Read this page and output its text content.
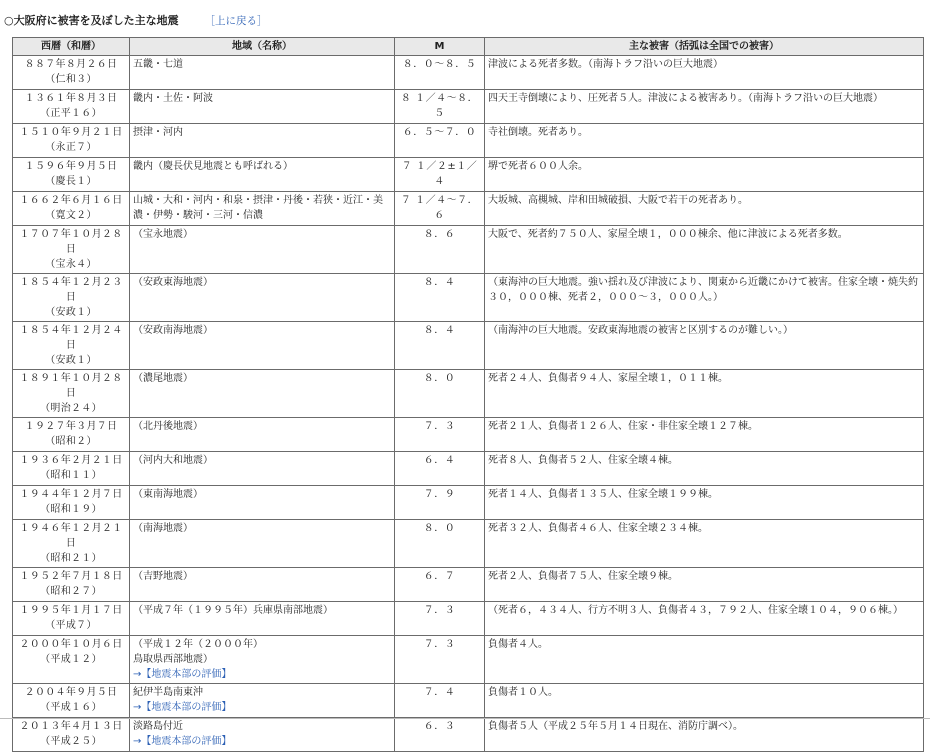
○大阪府に被害を及ぼした主な地震 ［上に戻る］
西暦（和暦）	地域（名称）	M	主な被害（括弧は全国での被害）

８８７年８月２６日
（仁和３）	五畿・七道	８．０～８．５	津波による死者多数。（南海トラフ沿いの巨大地震）

１３６１年８月３日
（正平１６）	畿内・土佐・阿波	８ １／４～８．５	四天王寺倒壊により、圧死者５人。津波による被害あり。（南海トラフ沿いの巨大地震）

１５１０年９月２１日
（永正７）	摂津・河内	６．５～７．０	寺社倒壊。死者あり。

１５９６年９月５日
（慶長１）	畿内（慶長伏見地震とも呼ばれる）	７ １／２±１／４	堺で死者６００人余。

１６６２年６月１６日
（寛文２）	山城・大和・河内・和泉・摂津・丹後・若狭・近江・美濃・伊勢・駿河・三河・信濃	７ １／４～７．６	大坂城、高槻城、岸和田城破損、大阪で若干の死者あり。

１７０７年１０月２８日
（宝永４）	（宝永地震）	８．６	大阪で、死者約７５０人、家屋全壊１，０００棟余、他に津波による死者多数。

１８５４年１２月２３日
（安政１）	（安政東海地震）	８．４	（東海沖の巨大地震。強い揺れ及び津波により、関東から近畿にかけて被害。住家全壊・焼失約３０，０００棟、死者２，０００～３，０００人。）

１８５４年１２月２４日
（安政１）	（安政南海地震）	８．４	（南海沖の巨大地震。安政東海地震の被害と区別するのが難しい。）

１８９１年１０月２８日
（明治２４）	（濃尾地震）	８．０	死者２４人、負傷者９４人、家屋全壊１，０１１棟。

１９２７年３月７日
（昭和２）	（北丹後地震）	７．３	死者２１人、負傷者１２６人、住家・非住家全壊１２７棟。

１９３６年２月２１日
（昭和１１）	（河内大和地震）	６．４	死者８人、負傷者５２人、住家全壊４棟。

１９４４年１２月７日
（昭和１９）	（東南海地震）	７．９	死者１４人、負傷者１３５人、住家全壊１９９棟。

１９４６年１２月２１日
（昭和２１）	（南海地震）	８．０	死者３２人、負傷者４６人、住家全壊２３４棟。

１９５２年７月１８日
（昭和２７）	（吉野地震）	６．７	死者２人、負傷者７５人、住家全壊９棟。

１９９５年１月１７日
（平成７）	（平成７年（１９９５年）兵庫県南部地震）	７．３	（死者６，４３４人、行方不明３人、負傷者４３，７９２人、住家全壊１０４，９０６棟。）

２０００年１０月６日
（平成１２）	（平成１２年（２０００年）
鳥取県西部地震）
→【地震本部の評価】	７．３	負傷者４人。

２００４年９月５日
（平成１６）	紀伊半島南東沖
→【地震本部の評価】	７．４	負傷者１０人。

２０１３年４月１３日
（平成２５）	淡路島付近
→【地震本部の評価】	６．３	負傷者５人（平成２５年５月１４日現在、消防庁調べ）。
